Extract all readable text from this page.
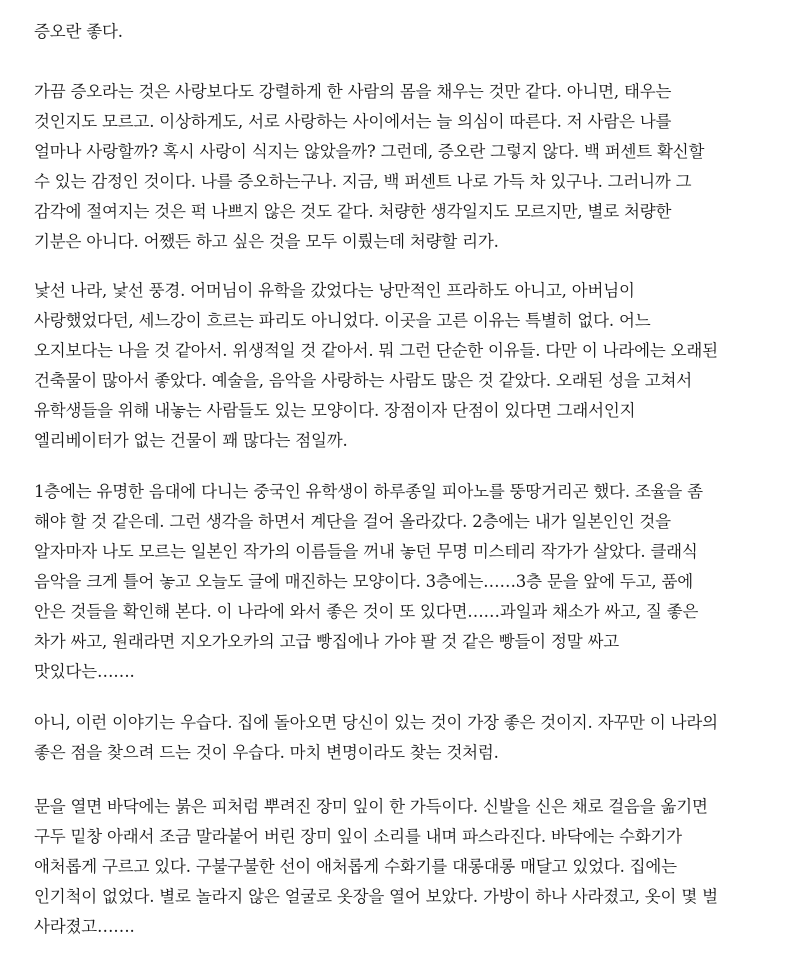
증오란 좋다.
가끔 증오라는 것은 사랑보다도 강렬하게 한 사람의 몸을 채우는 것만 같다. 아니면, 태우는
것인지도 모르고. 이상하게도, 서로 사랑하는 사이에서는 늘 의심이 따른다. 저 사람은 나를
얼마나 사랑할까? 혹시 사랑이 식지는 않았을까? 그런데, 증오란 그렇지 않다. 백 퍼센트 확신할
수 있는 감정인 것이다. 나를 증오하는구나. 지금, 백 퍼센트 나로 가득 차 있구나. 그러니까 그
감각에 절여지는 것은 퍽 나쁘지 않은 것도 같다. 처량한 생각일지도 모르지만, 별로 처량한
기분은 아니다. 어쨌든 하고 싶은 것을 모두 이뤘는데 처량할 리가.
낯선 나라, 낯선 풍경. 어머님이 유학을 갔었다는 낭만적인 프라하도 아니고, 아버님이
사랑했었다던, 세느강이 흐르는 파리도 아니었다. 이곳을 고른 이유는 특별히 없다. 어느
오지보다는 나을 것 같아서. 위생적일 것 같아서. 뭐 그런 단순한 이유들. 다만 이 나라에는 오래된
건축물이 많아서 좋았다. 예술을, 음악을 사랑하는 사람도 많은 것 같았다. 오래된 성을 고쳐서
유학생들을 위해 내놓는 사람들도 있는 모양이다. 장점이자 단점이 있다면 그래서인지
엘리베이터가 없는 건물이 꽤 많다는 점일까.
1층에는 유명한 음대에 다니는 중국인 유학생이 하루종일 피아노를 뚱땅거리곤 했다. 조율을 좀
해야 할 것 같은데. 그런 생각을 하면서 계단을 걸어 올라갔다. 2층에는 내가 일본인인 것을
알자마자 나도 모르는 일본인 작가의 이름들을 꺼내 놓던 무명 미스테리 작가가 살았다. 클래식
음악을 크게 틀어 놓고 오늘도 글에 매진하는 모양이다. 3층에는……3층 문을 앞에 두고, 품에
안은 것들을 확인해 본다. 이 나라에 와서 좋은 것이 또 있다면……과일과 채소가 싸고, 질 좋은
차가 싸고, 원래라면 지오가오카의 고급 빵집에나 가야 팔 것 같은 빵들이 정말 싸고
맛있다는…….
아니, 이런 이야기는 우습다. 집에 돌아오면 당신이 있는 것이 가장 좋은 것이지. 자꾸만 이 나라의
좋은 점을 찾으려 드는 것이 우습다. 마치 변명이라도 찾는 것처럼.
문을 열면 바닥에는 붉은 피처럼 뿌려진 장미 잎이 한 가득이다. 신발을 신은 채로 걸음을 옮기면
구두 밑창 아래서 조금 말라붙어 버린 장미 잎이 소리를 내며 파스라진다. 바닥에는 수화기가
애처롭게 구르고 있다. 구불구불한 선이 애처롭게 수화기를 대롱대롱 매달고 있었다. 집에는
인기척이 없었다. 별로 놀라지 않은 얼굴로 옷장을 열어 보았다. 가방이 하나 사라졌고, 옷이 몇 벌
사라졌고…….
